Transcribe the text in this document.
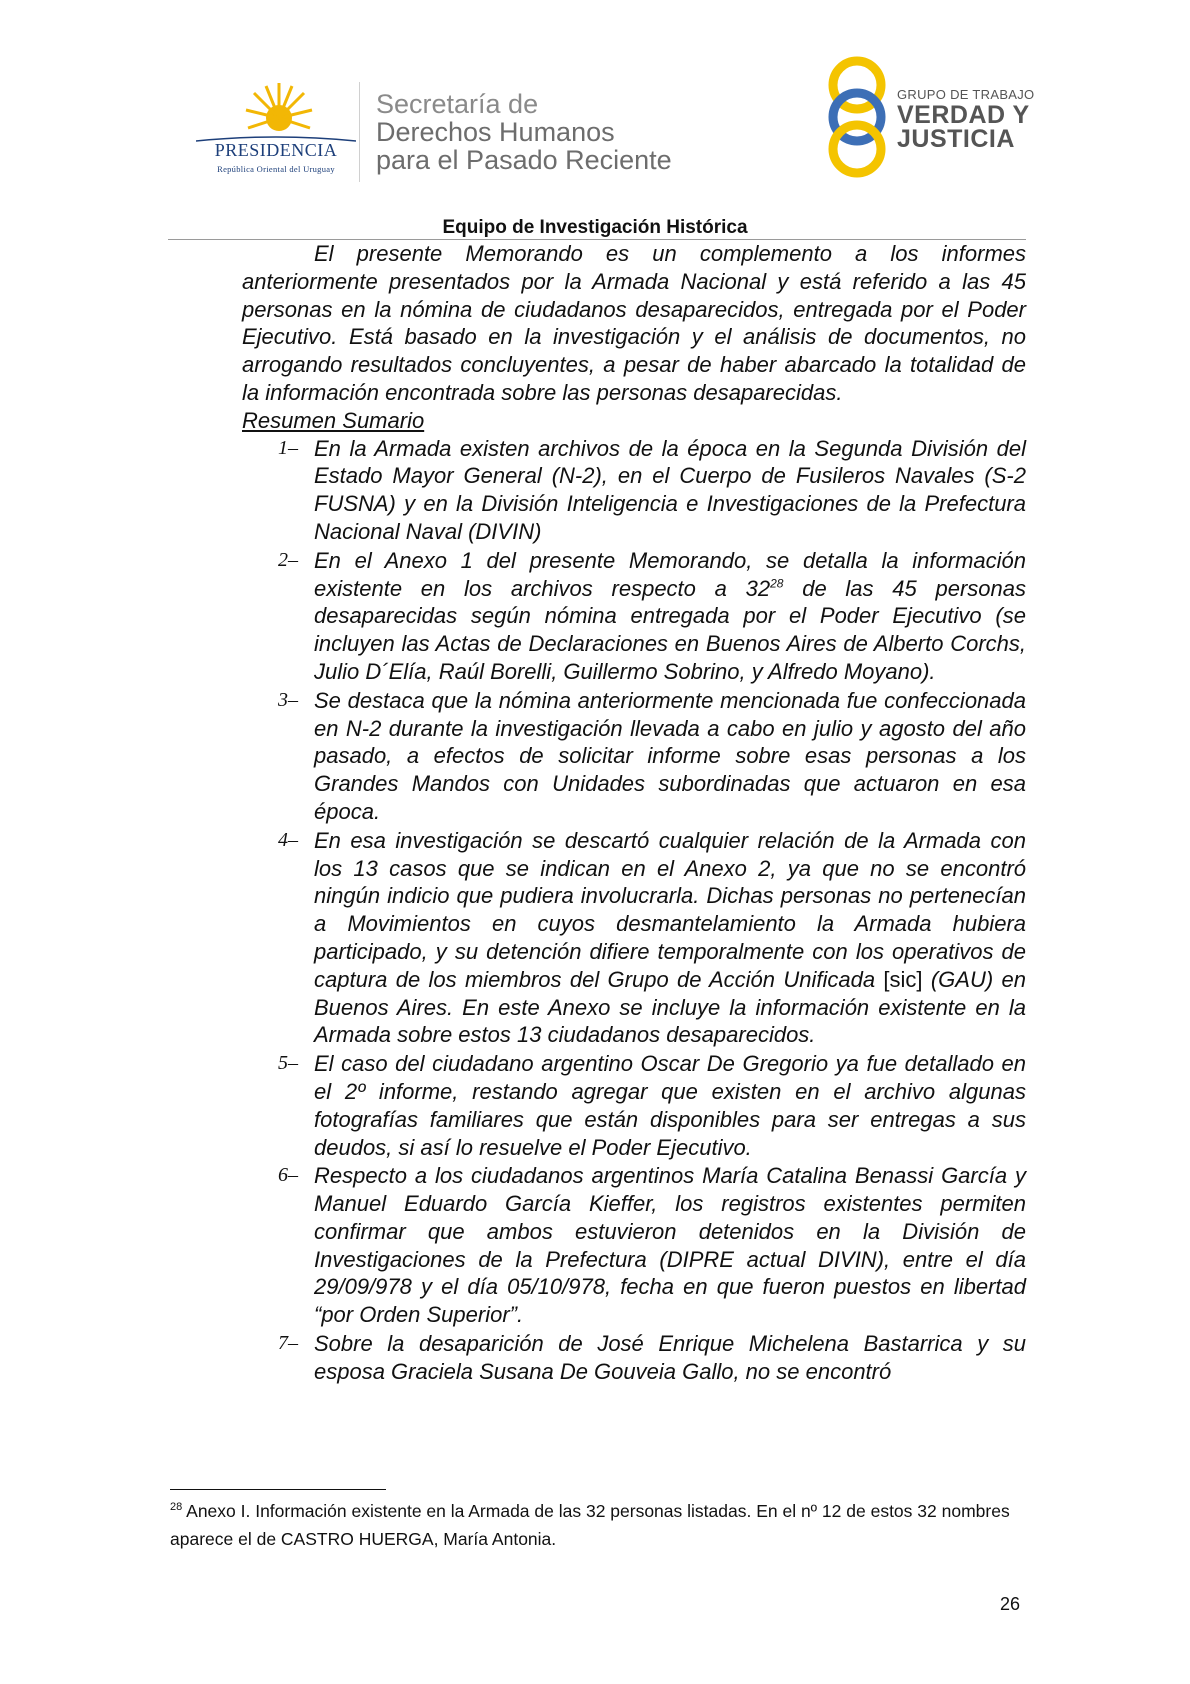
PRESIDENCIA
República Oriental del Uruguay
Secretaría de
Derechos Humanos
para el Pasado Reciente
GRUPO DE TRABAJO
VERDAD Y
JUSTICIA
Equipo de Investigación Histórica

El presente Memorando es un complemento a los informes anteriormente presentados por la Armada Nacional y está referido a las 45 personas en la nómina de ciudadanos desaparecidos, entregada por el Poder Ejecutivo. Está basado en la investigación y el análisis de documentos, no arrogando resultados concluyentes, a pesar de haber abarcado la totalidad de la información encontrada sobre las personas desaparecidas.

Resumen Sumario

1– En la Armada existen archivos de la época en la Segunda División del Estado Mayor General (N-2), en el Cuerpo de Fusileros Navales (S-2 FUSNA) y en la División Inteligencia e Investigaciones de la Prefectura Nacional Naval (DIVIN)
2– En el Anexo 1 del presente Memorando, se detalla la información existente en los archivos respecto a $32^{28}$ de las 45 personas desaparecidas según nómina entregada por el Poder Ejecutivo (se incluyen las Actas de Declaraciones en Buenos Aires de Alberto Corchs, Julio D´Elía, Raúl Borelli, Guillermo Sobrino, y Alfredo Moyano).
3– Se destaca que la nómina anteriormente mencionada fue confeccionada en N-2 durante la investigación llevada a cabo en julio y agosto del año pasado, a efectos de solicitar informe sobre esas personas a los Grandes Mandos con Unidades subordinadas que actuaron en esa época.
4– En esa investigación se descartó cualquier relación de la Armada con los 13 casos que se indican en el Anexo 2, ya que no se encontró ningún indicio que pudiera involucrarla. Dichas personas no pertenecían a Movimientos en cuyos desmantelamiento la Armada hubiera participado, y su detención difiere temporalmente con los operativos de captura de los miembros del Grupo de Acción Unificada [sic] (GAU) en Buenos Aires. En este Anexo se incluye la información existente en la Armada sobre estos 13 ciudadanos desaparecidos.
5– El caso del ciudadano argentino Oscar De Gregorio ya fue detallado en el 2º informe, restando agregar que existen en el archivo algunas fotografías familiares que están disponibles para ser entregas a sus deudos, si así lo resuelve el Poder Ejecutivo.
6– Respecto a los ciudadanos argentinos María Catalina Benassi García y Manuel Eduardo García Kieffer, los registros existentes permiten confirmar que ambos estuvieron detenidos en la División de Investigaciones de la Prefectura (DIPRE actual DIVIN), entre el día 29/09/978 y el día 05/10/978, fecha en que fueron puestos en libertad “por Orden Superior”.
7– Sobre la desaparición de José Enrique Michelena Bastarrica y su esposa Graciela Susana De Gouveia Gallo, no se encontró
$^{28}$ Anexo I. Información existente en la Armada de las 32 personas listadas. En el nº 12 de estos 32 nombres aparece el de CASTRO HUERGA, María Antonia.
26
